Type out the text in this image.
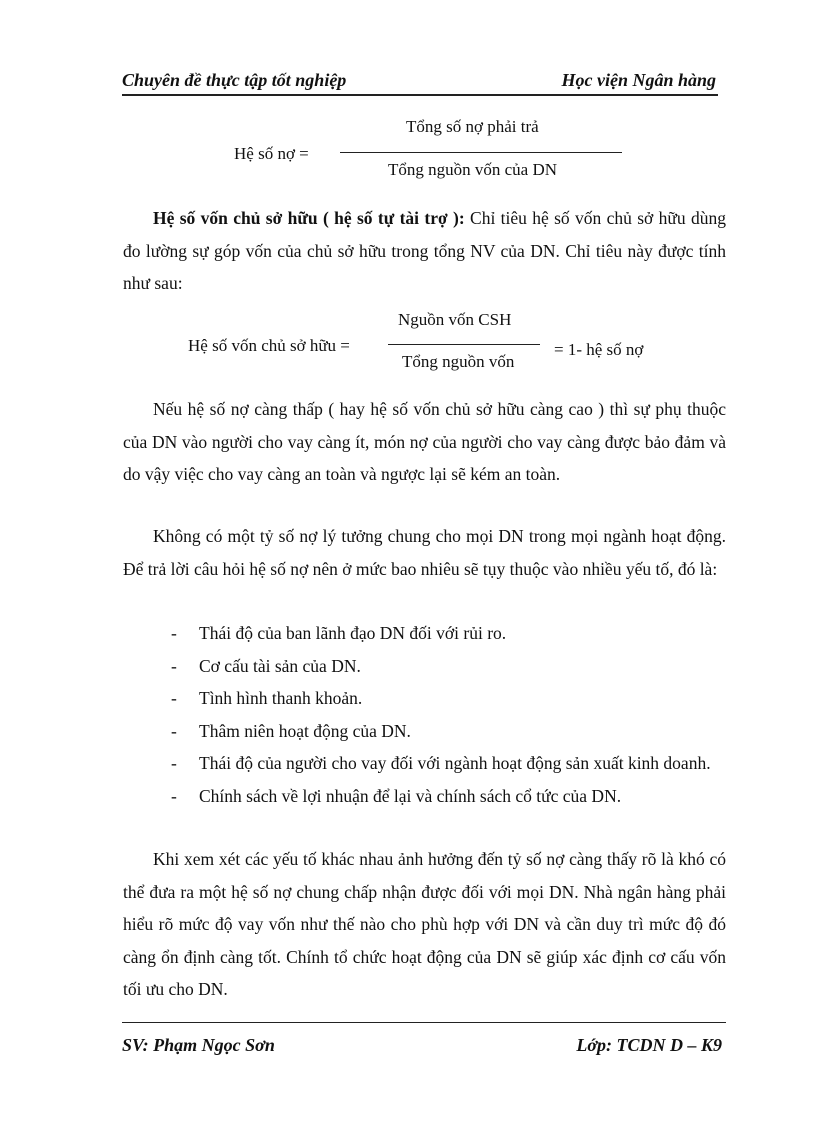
Chuyên đề thực tập tốt nghiệp	Học viện Ngân hàng
Hệ số nợ =
Tổng số nợ phải trả
Tổng nguồn vốn của DN

Hệ số vốn chủ sở hữu ( hệ số tự tài trợ ): Chỉ tiêu hệ số vốn chủ sở hữu dùng đo lường sự góp vốn của chủ sở hữu trong tổng NV của DN. Chỉ tiêu này được tính như sau:

Hệ số vốn chủ sở hữu =
Nguồn vốn CSH
Tổng nguồn vốn
= 1- hệ số nợ

Nếu hệ số nợ càng thấp ( hay hệ số vốn chủ sở hữu càng cao ) thì sự phụ thuộc của DN vào người cho vay càng ít, món nợ của người cho vay càng được bảo đảm và do vậy việc cho vay càng an toàn và ngược lại sẽ kém an toàn.

Không có một tỷ số nợ lý tưởng chung cho mọi DN trong mọi ngành hoạt động. Để trả lời câu hỏi hệ số nợ nên ở mức bao nhiêu sẽ tụy thuộc vào nhiều yếu tố, đó là:

- Thái độ của ban lãnh đạo DN đối với rủi ro.
- Cơ cấu tài sản của DN.
- Tình hình thanh khoản.
- Thâm niên hoạt động của DN.
- Thái độ của người cho vay đối với ngành hoạt động sản xuất kinh doanh.
- Chính sách về lợi nhuận để lại và chính sách cổ tức của DN.

Khi xem xét các yếu tố khác nhau ảnh hưởng đến tỷ số nợ càng thấy rõ là khó có thể đưa ra một hệ số nợ chung chấp nhận được đối với mọi DN. Nhà ngân hàng phải hiểu rõ mức độ vay vốn như thế nào cho phù hợp với DN và cần duy trì mức độ đó càng ổn định càng tốt. Chính tổ chức hoạt động của DN sẽ giúp xác định cơ cấu vốn tối ưu cho DN.

SV: Phạm Ngọc Sơn	Lớp: TCDN D – K9
